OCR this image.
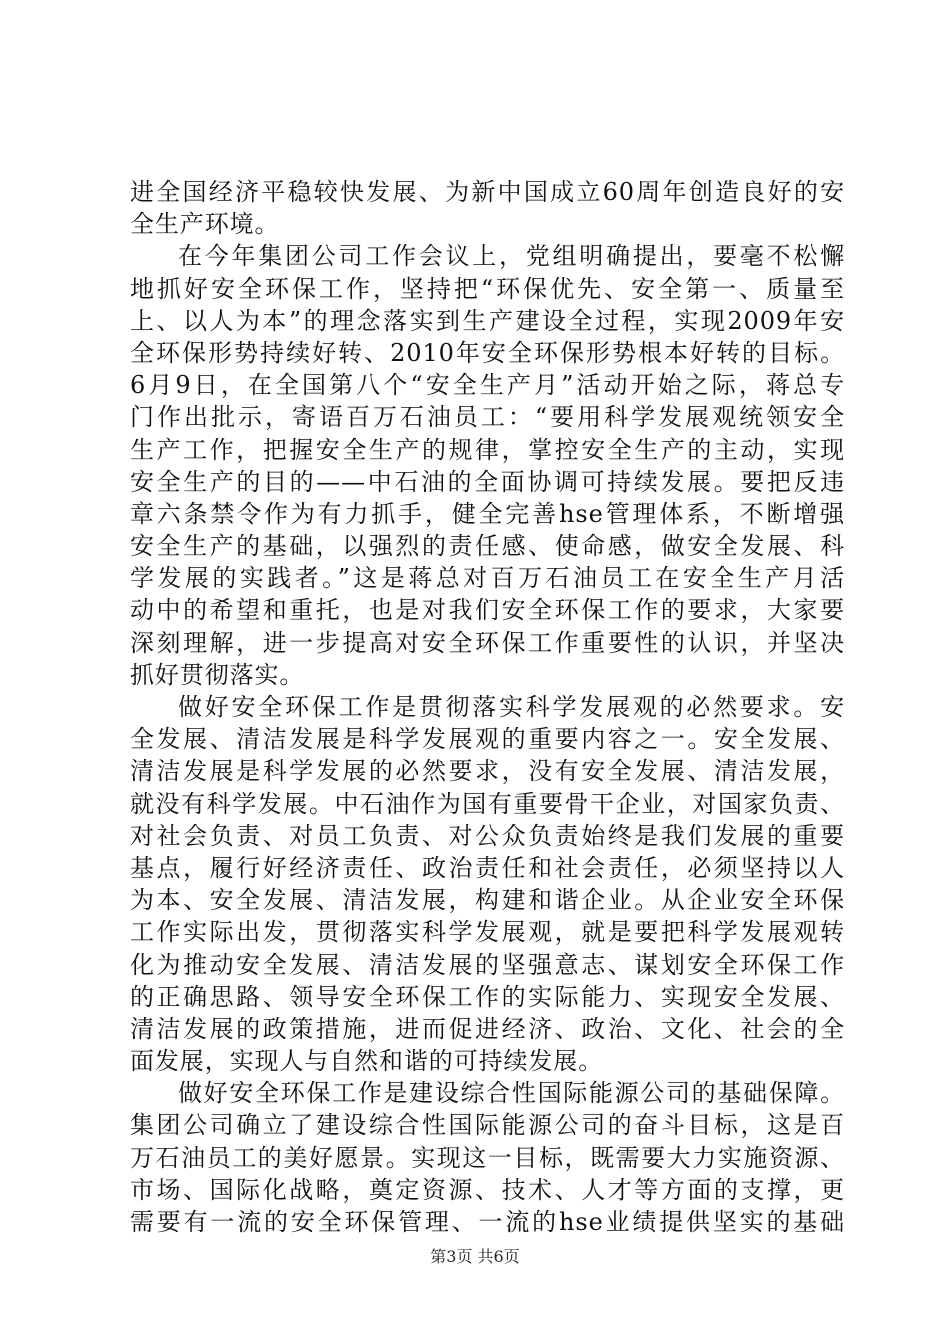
进全国经济平稳较快发展、为新中国成立60周年创造良好的安
全生产环境。
在今年集团公司工作会议上，党组明确提出，要毫不松懈
地抓好安全环保工作，坚持把“环保优先、安全第一、质量至
上、以人为本”的理念落实到生产建设全过程，实现2009年安
全环保形势持续好转、2010年安全环保形势根本好转的目标。
6月9日，在全国第八个“安全生产月”活动开始之际，蒋总专
门作出批示，寄语百万石油员工：“要用科学发展观统领安全
生产工作，把握安全生产的规律，掌控安全生产的主动，实现
安全生产的目的——中石油的全面协调可持续发展。要把反违
章六条禁令作为有力抓手，健全完善hse管理体系，不断增强
安全生产的基础，以强烈的责任感、使命感，做安全发展、科
学发展的实践者。”这是蒋总对百万石油员工在安全生产月活
动中的希望和重托，也是对我们安全环保工作的要求，大家要
深刻理解，进一步提高对安全环保工作重要性的认识，并坚决
抓好贯彻落实。
做好安全环保工作是贯彻落实科学发展观的必然要求。安
全发展、清洁发展是科学发展观的重要内容之一。安全发展、
清洁发展是科学发展的必然要求，没有安全发展、清洁发展，
就没有科学发展。中石油作为国有重要骨干企业，对国家负责、
对社会负责、对员工负责、对公众负责始终是我们发展的重要
基点，履行好经济责任、政治责任和社会责任，必须坚持以人
为本、安全发展、清洁发展，构建和谐企业。从企业安全环保
工作实际出发，贯彻落实科学发展观，就是要把科学发展观转
化为推动安全发展、清洁发展的坚强意志、谋划安全环保工作
的正确思路、领导安全环保工作的实际能力、实现安全发展、
清洁发展的政策措施，进而促进经济、政治、文化、社会的全
面发展，实现人与自然和谐的可持续发展。
做好安全环保工作是建设综合性国际能源公司的基础保障。
集团公司确立了建设综合性国际能源公司的奋斗目标，这是百
万石油员工的美好愿景。实现这一目标，既需要大力实施资源、
市场、国际化战略，奠定资源、技术、人才等方面的支撑，更
需要有一流的安全环保管理、一流的hse业绩提供坚实的基础
第3页 共6页
